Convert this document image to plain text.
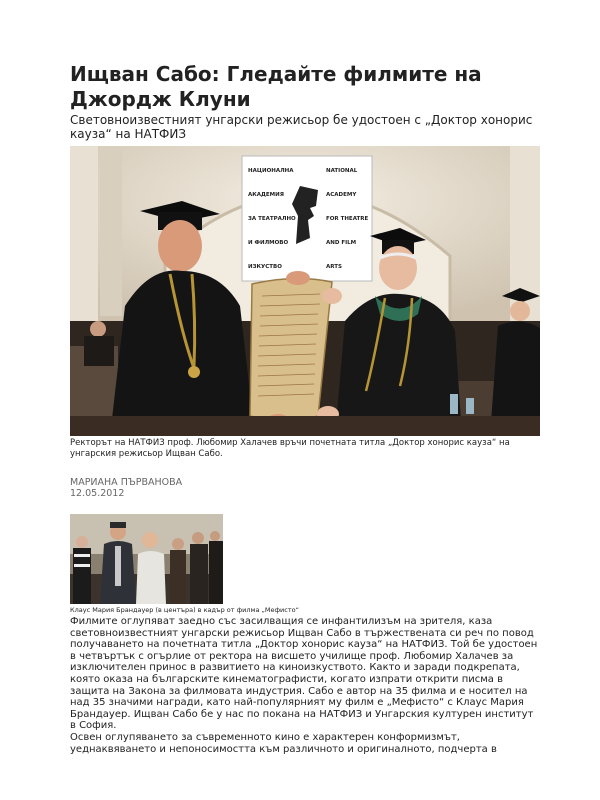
Ищван Сабо: Гледайте филмите на Джордж Клуни
Световноизвестният унгарски режисьор бе удостоен с „Доктор хонорис кауза“ на НАТФИЗ
НАЦИОНАЛНА
АКАДЕМИЯ
ЗА ТЕАТРАЛНО
И ФИЛМОВО
ИЗКУСТВО
NATIONAL
ACADEMY
FOR THEATRE
AND FILM
ARTS
Ректорът на НАТФИЗ проф. Любомир Халачев връчи почетната титла „Доктор хонорис кауза“ на унгарския режисьор Ищван Сабо.
МАРИАНА ПЪРВАНОВА
12.05.2012
Клаус Мария Брандауер (в центъра) в кадър от филма „Мефисто“

Филмите оглупяват заедно със засилващия се инфантилизъм на зрителя, каза световноизвестният унгарски режисьор Ищван Сабо в тържествената си реч по повод получаването на почетната титла „Доктор хонорис кауза“ на НАТФИЗ. Той бе удостоен в четвъртък с огърлие от ректора на висшето училище проф. Любомир Халачев за изключителен принос в развитието на киноизкуството. Както и заради подкрепата, която оказа на българските кинематографисти, когато изпрати открити писма в защита на Закона за филмовата индустрия. Сабо е автор на 35 филма и е носител на над 35 значими награди, като най-популярният му филм е „Мефисто“ с Клаус Мария Брандауер. Ищван Сабо бе у нас по покана на НАТФИЗ и Унгарския културен институт в София.

Освен оглупяването за съвременното кино е характерен конформизмът, уеднаквяването и непоносимостта към различното и оригиналното, подчерта в
